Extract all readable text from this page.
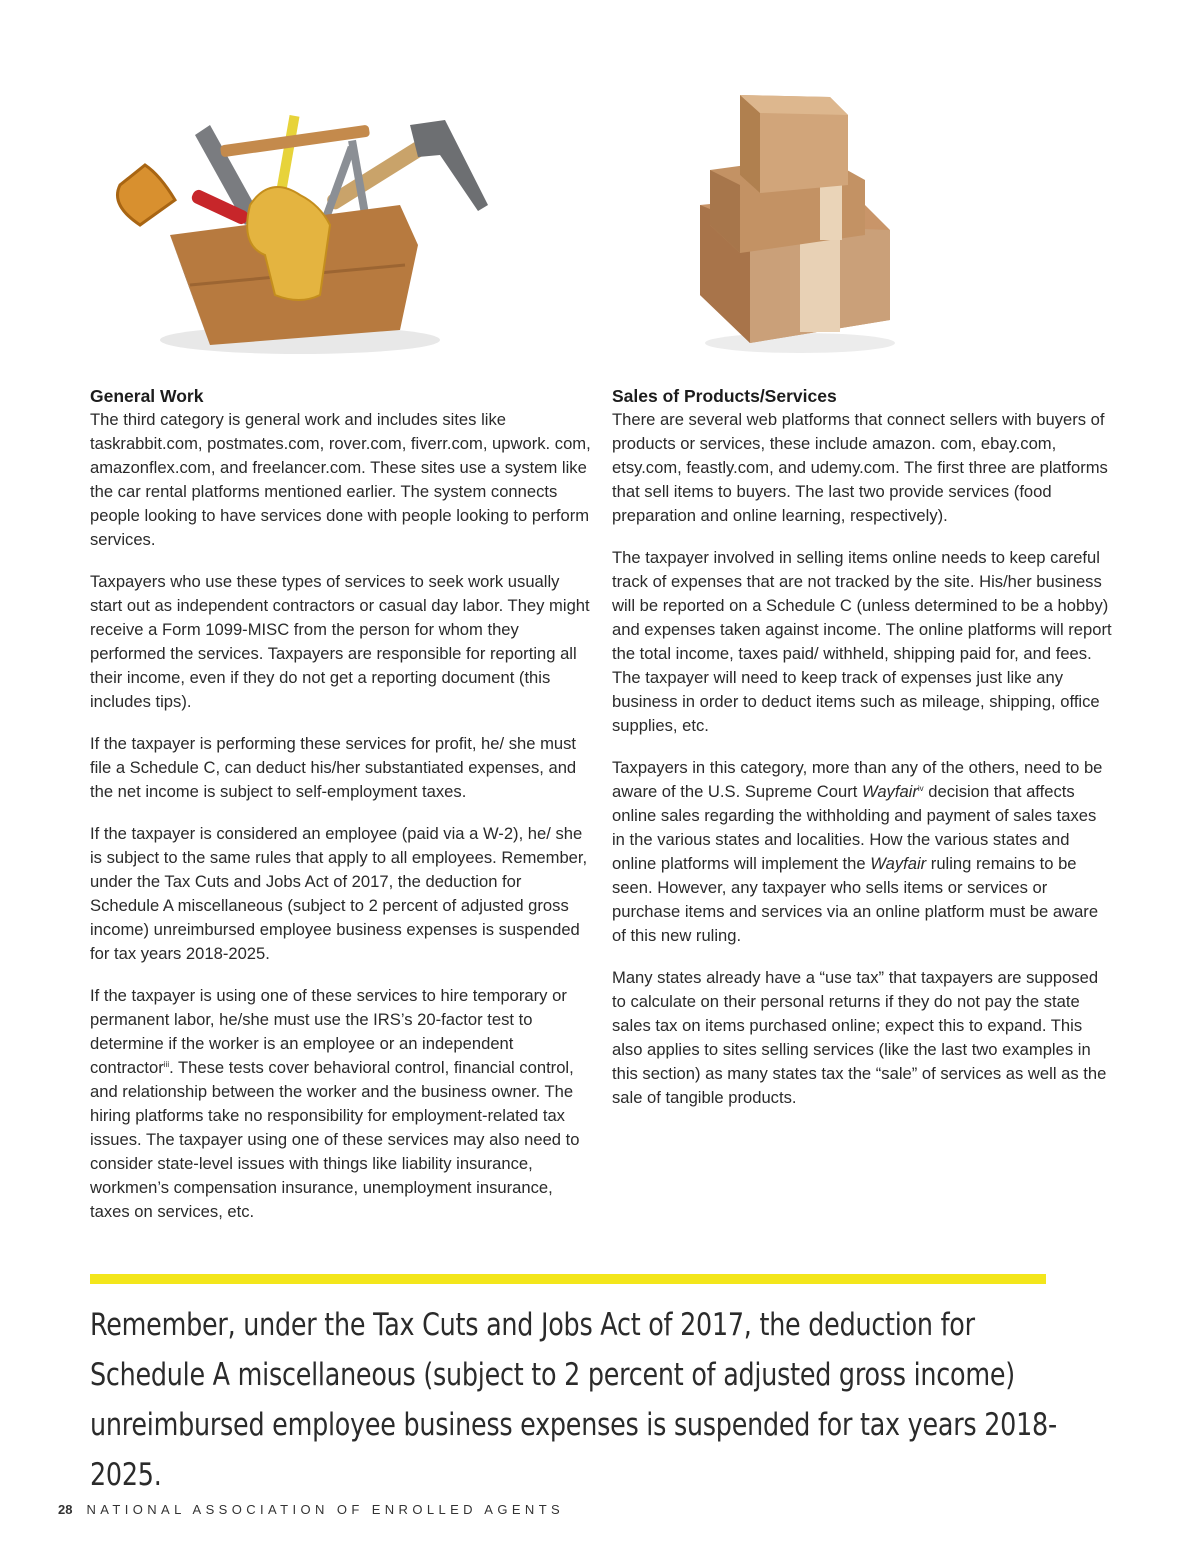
General Work

The third category is general work and includes sites like taskrabbit.com, postmates.com, rover.com, fiverr.com, upwork. com, amazonflex.com, and freelancer.com. These sites use a system like the car rental platforms mentioned earlier. The system connects people looking to have services done with people looking to perform services.

Taxpayers who use these types of services to seek work usually start out as independent contractors or casual day labor. They might receive a Form 1099-MISC from the person for whom they performed the services. Taxpayers are responsible for reporting all their income, even if they do not get a reporting document (this includes tips).

If the taxpayer is performing these services for profit, he/ she must file a Schedule C, can deduct his/her substantiated expenses, and the net income is subject to self-employment taxes.

If the taxpayer is considered an employee (paid via a W-2), he/ she is subject to the same rules that apply to all employees. Remember, under the Tax Cuts and Jobs Act of 2017, the deduction for Schedule A miscellaneous (subject to 2 percent of adjusted gross income) unreimbursed employee business expenses is suspended for tax years 2018-2025.

If the taxpayer is using one of these services to hire temporary or permanent labor, he/she must use the IRS’s 20-factor test to determine if the worker is an employee or an independent contractor$^{iii}$. These tests cover behavioral control, financial control, and relationship between the worker and the business owner. The hiring platforms take no responsibility for employment-related tax issues. The taxpayer using one of these services may also need to consider state-level issues with things like liability insurance, workmen’s compensation insurance, unemployment insurance, taxes on services, etc.

Sales of Products/Services

There are several web platforms that connect sellers with buyers of products or services, these include amazon. com, ebay.com, etsy.com, feastly.com, and udemy.com. The first three are platforms that sell items to buyers. The last two provide services (food preparation and online learning, respectively).

The taxpayer involved in selling items online needs to keep careful track of expenses that are not tracked by the site. His/her business will be reported on a Schedule C (unless determined to be a hobby) and expenses taken against income. The online platforms will report the total income, taxes paid/ withheld, shipping paid for, and fees. The taxpayer will need to keep track of expenses just like any business in order to deduct items such as mileage, shipping, office supplies, etc.

Taxpayers in this category, more than any of the others, need to be aware of the U.S. Supreme Court Wayfair$^{iv}$ decision that affects online sales regarding the withholding and payment of sales taxes in the various states and localities. How the various states and online platforms will implement the Wayfair ruling remains to be seen. However, any taxpayer who sells items or services or purchase items and services via an online platform must be aware of this new ruling.

Many states already have a “use tax” that taxpayers are supposed to calculate on their personal returns if they do not pay the state sales tax on items purchased online; expect this to expand. This also applies to sites selling services (like the last two examples in this section) as many states tax the “sale” of services as well as the sale of tangible products.

Remember, under the Tax Cuts and Jobs Act of 2017, the deduction for Schedule A miscellaneous (subject to 2 percent of adjusted gross income) unreimbursed employee business expenses is suspended for tax years 2018-2025.

28 NATIONAL ASSOCIATION OF ENROLLED AGENTS
